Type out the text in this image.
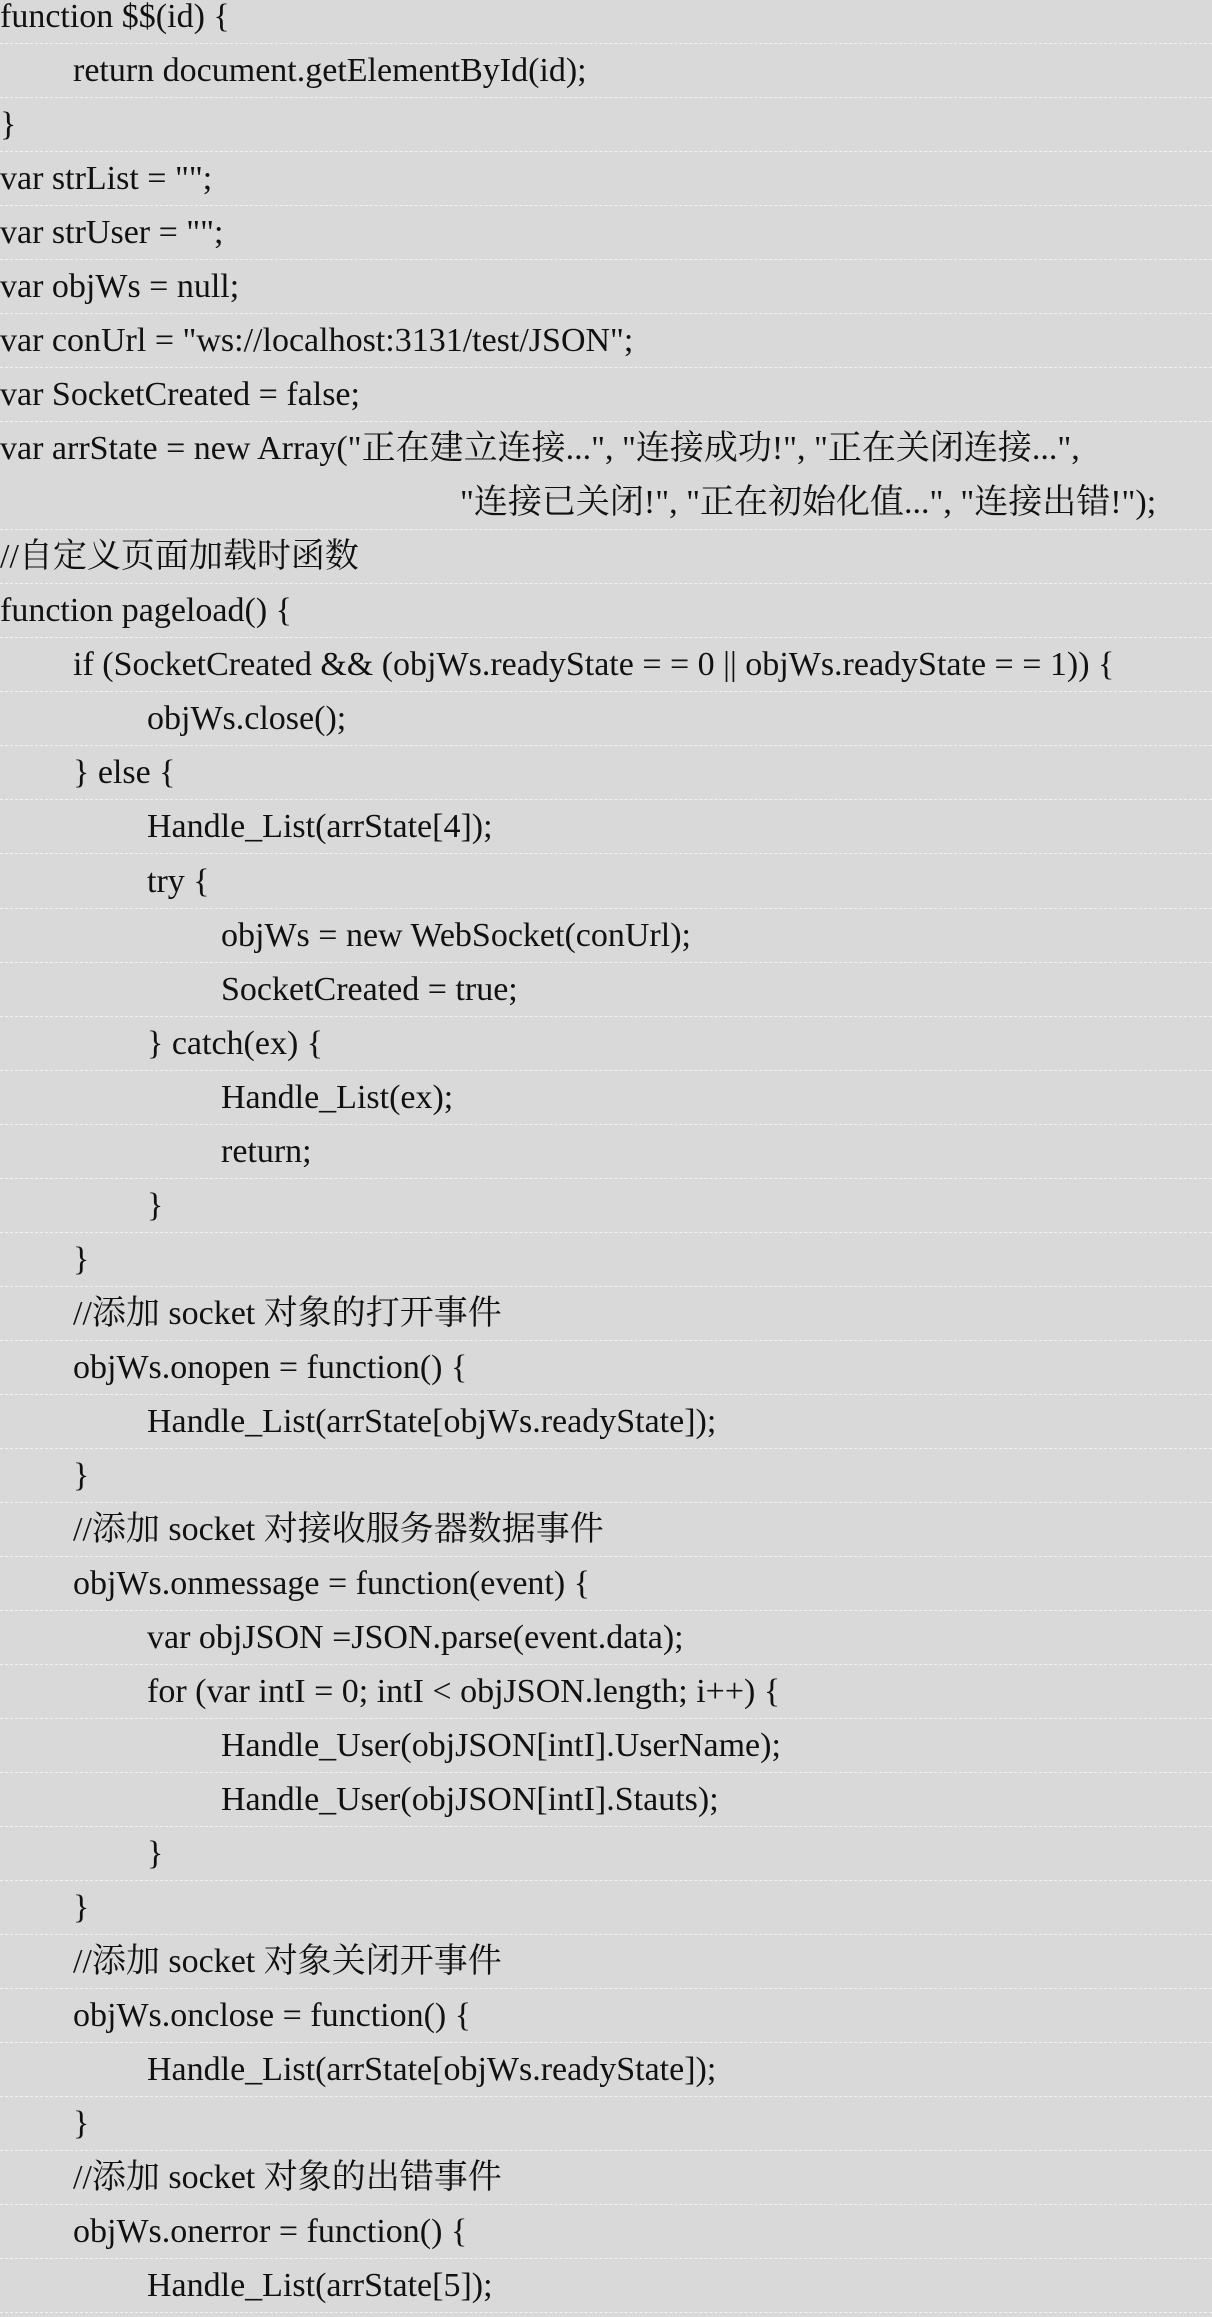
function $$(id) {
return document.getElementById(id);
}
var strList = "";
var strUser = "";
var objWs = null;
var conUrl = "ws://localhost:3131/test/JSON";
var SocketCreated = false;
var arrState = new Array("正在建立连接...", "连接成功!", "正在关闭连接...",
"连接已关闭!", "正在初始化值...", "连接出错!");
//自定义页面加载时函数
function pageload() {
if (SocketCreated && (objWs.readyState = = 0 || objWs.readyState = = 1)) {
objWs.close();
} else {
Handle_List(arrState[4]);
try {
objWs = new WebSocket(conUrl);
SocketCreated = true;
} catch(ex) {
Handle_List(ex);
return;
}
}
//添加 socket 对象的打开事件
objWs.onopen = function() {
Handle_List(arrState[objWs.readyState]);
}
//添加 socket 对接收服务器数据事件
objWs.onmessage = function(event) {
var objJSON =JSON.parse(event.data);
for (var intI = 0; intI < objJSON.length; i++) {
Handle_User(objJSON[intI].UserName);
Handle_User(objJSON[intI].Stauts);
}
}
//添加 socket 对象关闭开事件
objWs.onclose = function() {
Handle_List(arrState[objWs.readyState]);
}
//添加 socket 对象的出错事件
objWs.onerror = function() {
Handle_List(arrState[5]);
